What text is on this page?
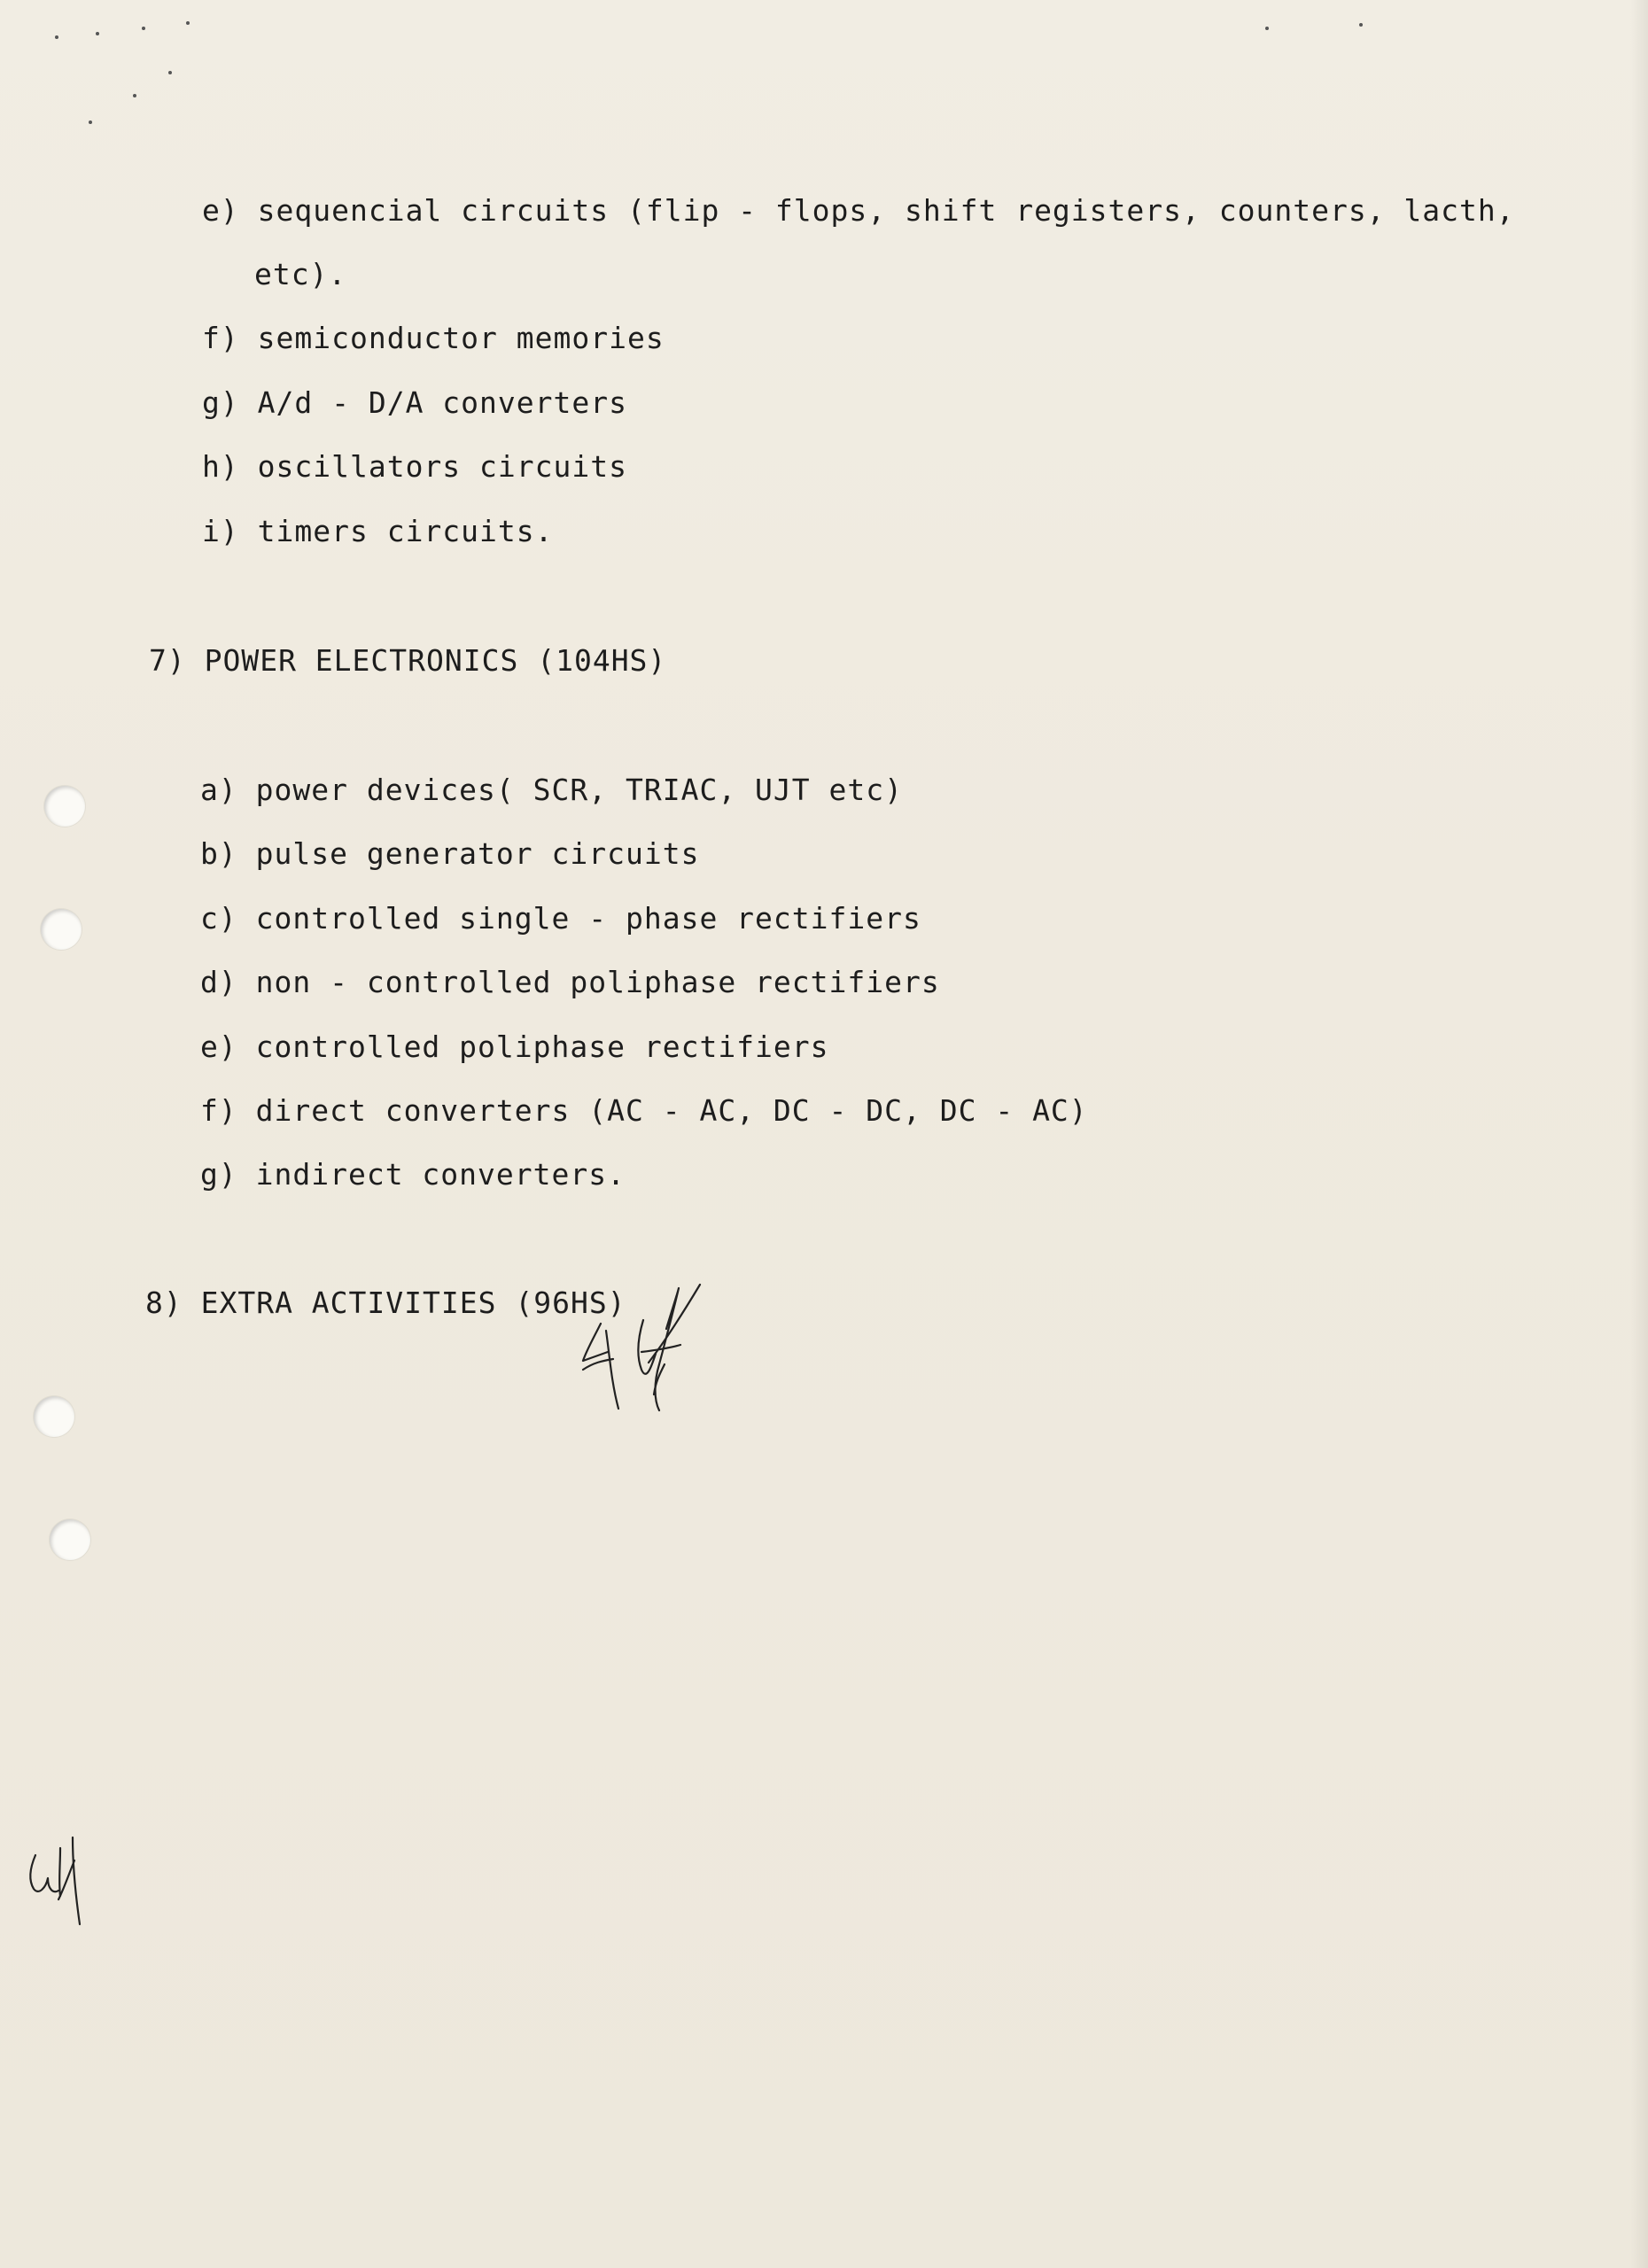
e) sequencial circuits (flip - flops, shift registers, counters, lacth,
etc).
f) semiconductor memories
g) A/d - D/A converters
h) oscillators circuits
i) timers circuits.
7) POWER ELECTRONICS (104HS)
a) power devices( SCR, TRIAC, UJT etc)
b) pulse generator circuits
c) controlled single - phase rectifiers
d) non - controlled poliphase rectifiers
e) controlled poliphase rectifiers
f) direct converters (AC - AC, DC - DC, DC - AC)
g) indirect converters.
8) EXTRA ACTIVITIES (96HS)
